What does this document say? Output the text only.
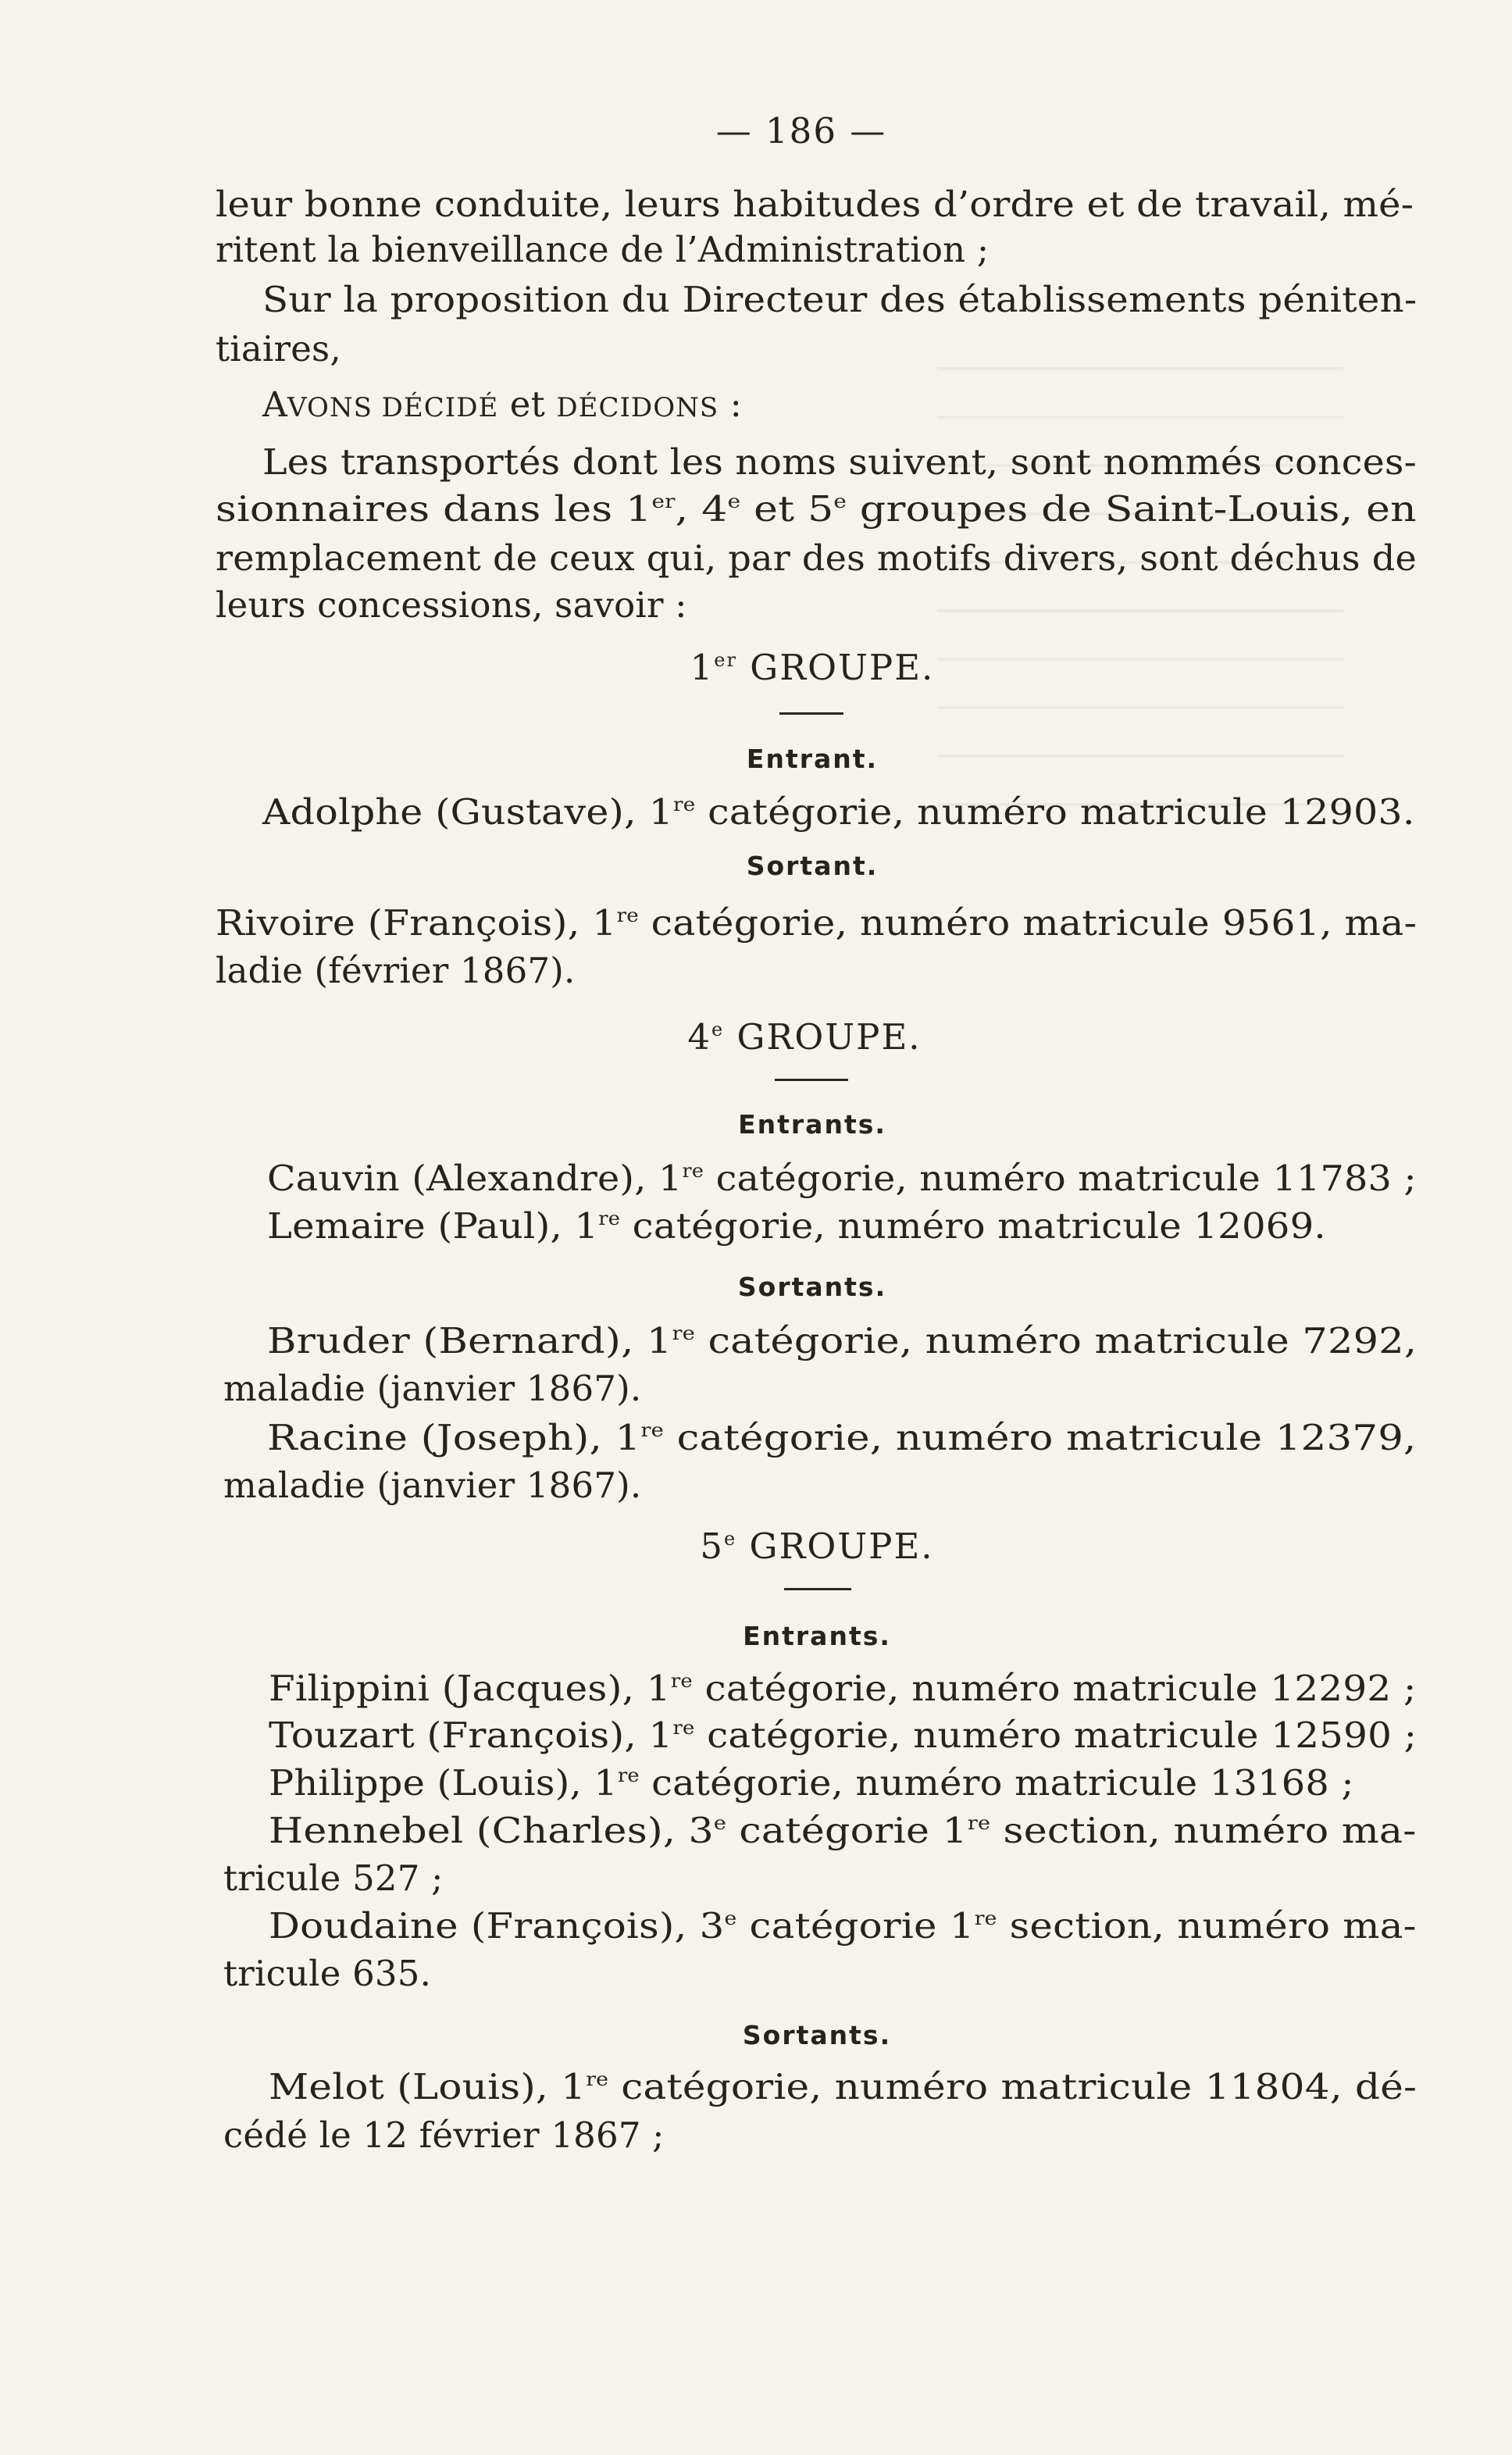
— 186 —
leur bonne conduite, leurs habitudes d’ordre et de travail, mé-
ritent la bienveillance de l’Administration ;
Sur la proposition du Directeur des établissements péniten-
tiaires,
AVONS DÉCIDÉ et DÉCIDONS :
Les transportés dont les noms suivent, sont nommés conces-
sionnaires dans les 1er, 4e et 5e groupes de Saint-Louis, en
remplacement de ceux qui, par des motifs divers, sont déchus de
leurs concessions, savoir :
1er GROUPE.
Entrant.
Adolphe (Gustave), 1re catégorie, numéro matricule 12903.
Sortant.
Rivoire (François), 1re catégorie, numéro matricule 9561, ma-
ladie (février 1867).
4e GROUPE.
Entrants.
Cauvin (Alexandre), 1re catégorie, numéro matricule 11783 ;
Lemaire (Paul), 1re catégorie, numéro matricule 12069.
Sortants.
Bruder (Bernard), 1re catégorie, numéro matricule 7292,
maladie (janvier 1867).
Racine (Joseph), 1re catégorie, numéro matricule 12379,
maladie (janvier 1867).
5e GROUPE.
Entrants.
Filippini (Jacques), 1re catégorie, numéro matricule 12292 ;
Touzart (François), 1re catégorie, numéro matricule 12590 ;
Philippe (Louis), 1re catégorie, numéro matricule 13168 ;
Hennebel (Charles), 3e catégorie 1re section, numéro ma-
tricule 527 ;
Doudaine (François), 3e catégorie 1re section, numéro ma-
tricule 635.
Sortants.
Melot (Louis), 1re catégorie, numéro matricule 11804, dé-
cédé le 12 février 1867 ;
